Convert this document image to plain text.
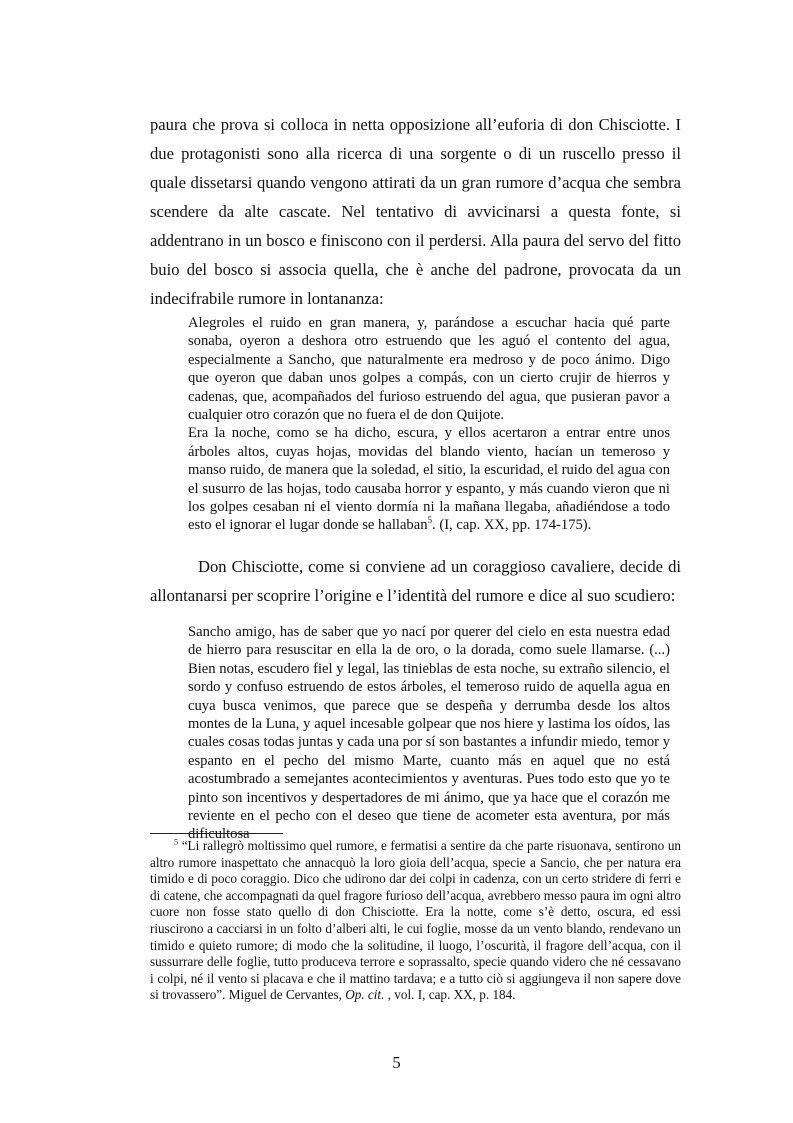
paura che prova si colloca in netta opposizione all’euforia di don Chisciotte. I due protagonisti sono alla ricerca di una sorgente o di un ruscello presso il quale dissetarsi quando vengono attirati da un gran rumore d’acqua che sembra scendere da alte cascate. Nel tentativo di avvicinarsi a questa fonte, si addentrano in un bosco e finiscono con il perdersi. Alla paura del servo del fitto buio del bosco si associa quella, che è anche del padrone, provocata da un indecifrabile rumore in lontananza:

Alegroles el ruido en gran manera, y, parándose a escuchar hacia qué parte sonaba, oyeron a deshora otro estruendo que les aguó el contento del agua, especialmente a Sancho, que naturalmente era medroso y de poco ánimo. Digo que oyeron que daban unos golpes a compás, con un cierto crujir de hierros y cadenas, que, acompañados del furioso estruendo del agua, que pusieran pavor a cualquier otro corazón que no fuera el de don Quijote.
Era la noche, como se ha dicho, escura, y ellos acertaron a entrar entre unos árboles altos, cuyas hojas, movidas del blando viento, hacían un temeroso y manso ruido, de manera que la soledad, el sitio, la escuridad, el ruido del agua con el susurro de las hojas, todo causaba horror y espanto, y más cuando vieron que ni los golpes cesaban ni el viento dormía ni la mañana llegaba, añadiéndose a todo esto el ignorar el lugar donde se hallaban$^5$. (I, cap. XX, pp. 174-175).

Don Chisciotte, come si conviene ad un coraggioso cavaliere, decide di allontanarsi per scoprire l’origine e l’identità del rumore e dice al suo scudiero:

Sancho amigo, has de saber que yo nací por querer del cielo en esta nuestra edad de hierro para resuscitar en ella la de oro, o la dorada, como suele llamarse. (...) Bien notas, escudero fiel y legal, las tinieblas de esta noche, su extraño silencio, el sordo y confuso estruendo de estos árboles, el temeroso ruido de aquella agua en cuya busca venimos, que parece que se despeña y derrumba desde los altos montes de la Luna, y aquel incesable golpear que nos hiere y lastima los oídos, las cuales cosas todas juntas y cada una por sí son bastantes a infundir miedo, temor y espanto en el pecho del mismo Marte, cuanto más en aquel que no está acostumbrado a semejantes acontecimientos y aventuras. Pues todo esto que yo te pinto son incentivos y despertadores de mi ánimo, que ya hace que el corazón me reviente en el pecho con el deseo que tiene de acometer esta aventura, por más dificultosa

$^5$ “Li rallegrò moltissimo quel rumore, e fermatisi a sentire da che parte risuonava, sentirono un altro rumore inaspettato che annacquò la loro gioia dell’acqua, specie a Sancio, che per natura era timido e di poco coraggio. Dico che udirono dar dei colpi in cadenza, con un certo stridere di ferri e di catene, che accompagnati da quel fragore furioso dell’acqua, avrebbero messo paura im ogni altro cuore non fosse stato quello di don Chisciotte. Era la notte, come s’è detto, oscura, ed essi riuscirono a cacciarsi in un folto d’alberi alti, le cui foglie, mosse da un vento blando, rendevano un timido e quieto rumore; di modo che la solitudine, il luogo, l’oscurità, il fragore dell’acqua, con il sussurrare delle foglie, tutto produceva terrore e soprassalto, specie quando videro che né cessavano i colpi, né il vento si placava e che il mattino tardava; e a tutto ciò si aggiungeva il non sapere dove si trovassero”. Miguel de Cervantes, Op. cit. , vol. I, cap. XX, p. 184.

5
